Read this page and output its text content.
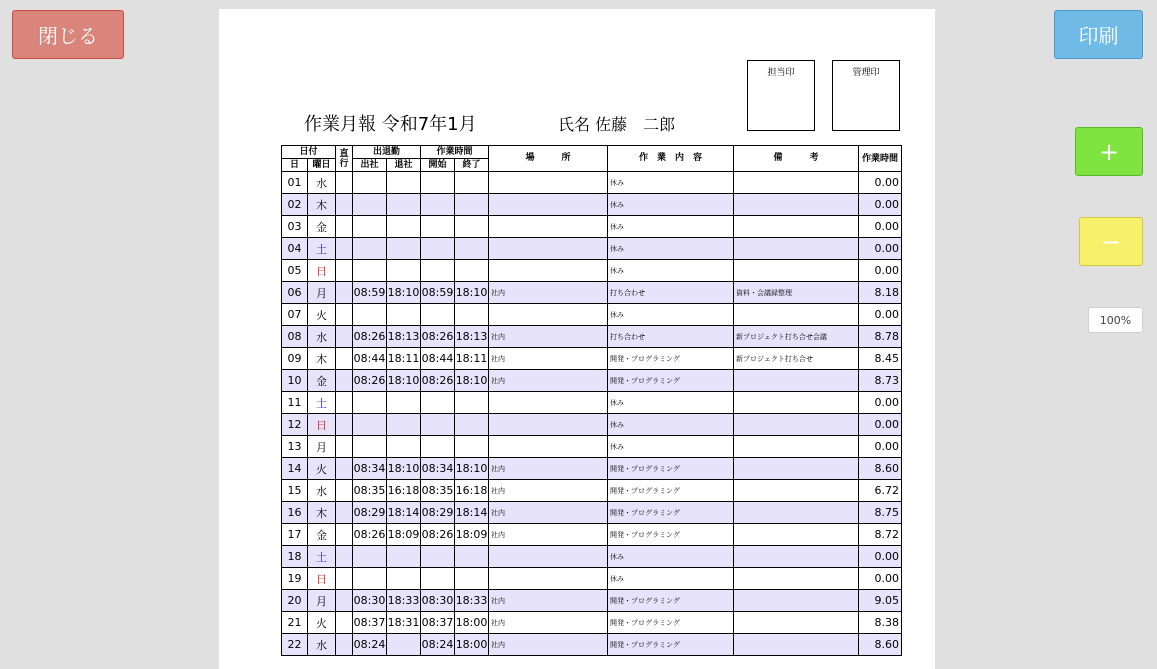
閉じる	印刷
+
−
100%
担当印	管理印
作業月報 令和7年1月	氏名 佐藤　二郎
日付		直行	出退勤		作業時間		場　　　所	作　業　内　容	備　　　考	作業時間
日	曜日		出社	退社	開始	終了				
01	水							休み		0.00
02	木							休み		0.00
03	金							休み		0.00
04	土							休み		0.00
05	日							休み		0.00
06	月		08:59	18:10	08:59	18:10	社内	打ち合わせ	資料・会議録整理	8.18
07	火							休み		0.00
08	水		08:26	18:13	08:26	18:13	社内	打ち合わせ	新プロジェクト打ち合せ会議	8.78
09	木		08:44	18:11	08:44	18:11	社内	開発・プログラミング	新プロジェクト打ち合せ	8.45
10	金		08:26	18:10	08:26	18:10	社内	開発・プログラミング		8.73
11	土							休み		0.00
12	日							休み		0.00
13	月							休み		0.00
14	火		08:34	18:10	08:34	18:10	社内	開発・プログラミング		8.60
15	水		08:35	16:18	08:35	16:18	社内	開発・プログラミング		6.72
16	木		08:29	18:14	08:29	18:14	社内	開発・プログラミング		8.75
17	金		08:26	18:09	08:26	18:09	社内	開発・プログラミング		8.72
18	土							休み		0.00
19	日							休み		0.00
20	月		08:30	18:33	08:30	18:33	社内	開発・プログラミング		9.05
21	火		08:37	18:31	08:37	18:00	社内	開発・プログラミング		8.38
22	水		08:24		08:24	18:00	社内	開発・プログラミング		8.60
